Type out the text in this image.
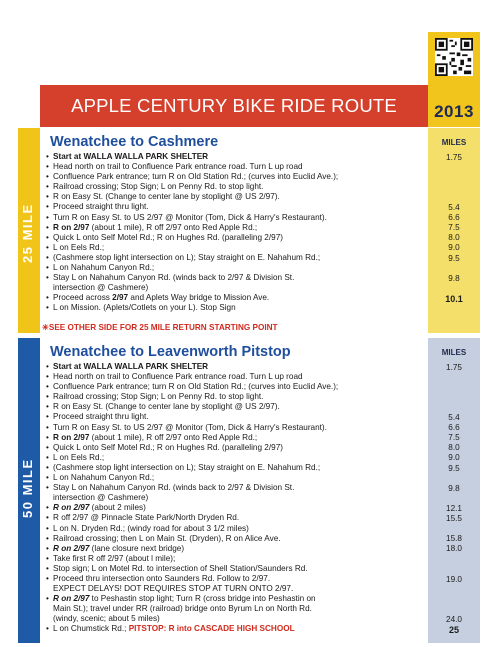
2013
APPLE CENTURY BIKE RIDE ROUTE
25 MILE
1.75
5.4
6.6
7.5
8.0
9.0
9.5
9.8
10.1
Wenatchee to Cashmere	MILES
• Start at WALLA WALLA PARK SHELTER
• Head north on trail to Confluence Park entrance road. Turn L up road
• Confluence Park entrance; turn R on Old Station Rd.; (curves into Euclid Ave.);
• Railroad crossing; Stop Sign; L on Penny Rd. to stop light.
• R on Easy St. (Change to center lane by stoplight @ US 2/97).
• Proceed straight thru light.
• Turn R on Easy St. to US 2/97 @ Monitor (Tom, Dick & Harry's Restaurant).
• R on 2/97 (about 1 mile), R off 2/97 onto Red Apple Rd.;
• Quick L onto Self Motel Rd.; R on Hughes Rd. (paralleling 2/97)
• L on Eels Rd.;
• (Cashmere stop light intersection on L); Stay straight on E. Nahahum Rd.;
• L on Nahahum Canyon Rd.;
• Stay L on Nahahum Canyon Rd. (winds back to 2/97 & Division St.
intersection @ Cashmere)
• Proceed across 2/97 and Aplets Way bridge to Mission Ave.
• L on Mission. (Aplets/Cotlets on your L). Stop Sign
✳SEE OTHER SIDE FOR 25 MILE RETURN STARTING POINT
50 MILE
1.75
5.4
6.6
7.5
8.0
9.0
9.5
9.8
12.1
15.5
15.8
18.0
19.0
24.0
25
Wenatchee to Leavenworth Pitstop	MILES
• Start at WALLA WALLA PARK SHELTER
• Head north on trail to Confluence Park entrance road. Turn L up road
• Confluence Park entrance; turn R on Old Station Rd.; (curves into Euclid Ave.);
• Railroad crossing; Stop Sign; L on Penny Rd. to stop light.
• R on Easy St. (Change to center lane by stoplight @ US 2/97).
• Proceed straight thru light.
• Turn R on Easy St. to US 2/97 @ Monitor (Tom, Dick & Harry's Restaurant).
• R on 2/97 (about 1 mile), R off 2/97 onto Red Apple Rd.;
• Quick L onto Self Motel Rd.; R on Hughes Rd. (paralleling 2/97)
• L on Eels Rd.;
• (Cashmere stop light intersection on L); Stay straight on E. Nahahum Rd.;
• L on Nahahum Canyon Rd.;
• Stay L on Nahahum Canyon Rd. (winds back to 2/97 & Division St.
intersection @ Cashmere)
• R on 2/97 (about 2 miles)
• R off 2/97 @ Pinnacle State Park/North Dryden Rd.
• L on N. Dryden Rd.; (windy road for about 3 1/2 miles)
• Railroad crossing; then L on Main St. (Dryden), R on Alice Ave.
• R on 2/97 (lane closure next bridge)
• Take first R off 2/97 (about l mile);
• Stop sign; L on Motel Rd. to intersection of Shell Station/Saunders Rd.
• Proceed thru intersection onto Saunders Rd. Follow to 2/97.
EXPECT DELAYS! DOT REQUIRES STOP AT TURN ONTO 2/97.
• R on 2/97 to Peshastin stop light; Turn R (cross bridge into Peshastin on
Main St.); travel under RR (railroad) bridge onto Byrum Ln on North Rd.
(windy, scenic; about 5 miles)
• L on Chumstick Rd.; PITSTOP: R into CASCADE HIGH SCHOOL
